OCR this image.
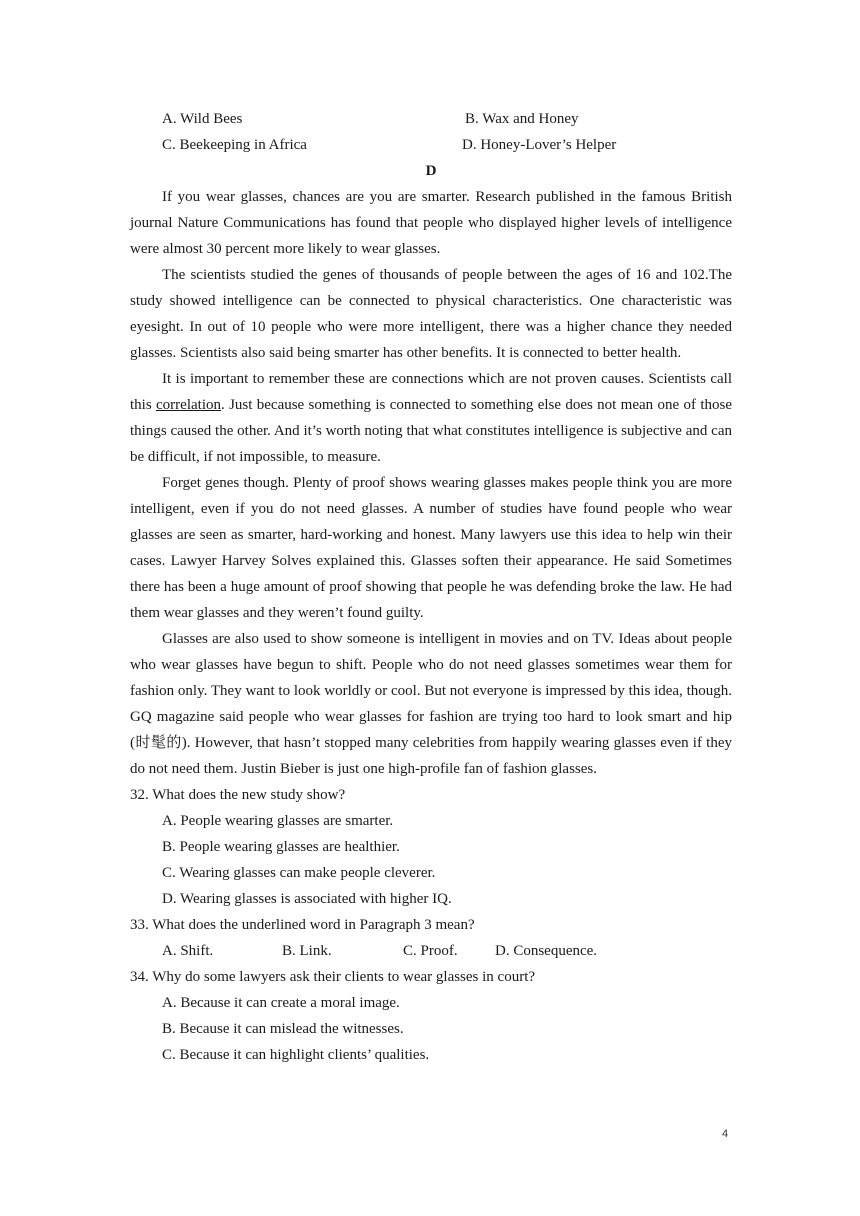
A. Wild Bees	B. Wax and Honey
C. Beekeeping in Africa	D. Honey-Lover’s Helper
D

If you wear glasses, chances are you are smarter. Research published in the famous British journal Nature Communications has found that people who displayed higher levels of intelligence were almost 30 percent more likely to wear glasses.

The scientists studied the genes of thousands of people between the ages of 16 and 102.The study showed intelligence can be connected to physical characteristics. One characteristic was eyesight. In out of 10 people who were more intelligent, there was a higher chance they needed glasses. Scientists also said being smarter has other benefits. It is connected to better health.

It is important to remember these are connections which are not proven causes. Scientists call this correlation. Just because something is connected to something else does not mean one of those things caused the other. And it’s worth noting that what constitutes intelligence is subjective and can be difficult, if not impossible, to measure.

Forget genes though. Plenty of proof shows wearing glasses makes people think you are more intelligent, even if you do not need glasses. A number of studies have found people who wear glasses are seen as smarter, hard-working and honest. Many lawyers use this idea to help win their cases. Lawyer Harvey Solves explained this. Glasses soften their appearance. He said Sometimes there has been a huge amount of proof showing that people he was defending broke the law. He had them wear glasses and they weren’t found guilty.

Glasses are also used to show someone is intelligent in movies and on TV. Ideas about people who wear glasses have begun to shift. People who do not need glasses sometimes wear them for fashion only. They want to look worldly or cool. But not everyone is impressed by this idea, though. GQ magazine said people who wear glasses for fashion are trying too hard to look smart and hip (时髦的). However, that hasn’t stopped many celebrities from happily wearing glasses even if they do not need them. Justin Bieber is just one high-profile fan of fashion glasses.

32. What does the new study show?
A. People wearing glasses are smarter.
B. People wearing glasses are healthier.
C. Wearing glasses can make people cleverer.
D. Wearing glasses is associated with higher IQ.
33. What does the underlined word in Paragraph 3 mean?
A. Shift.	B. Link.	C. Proof. D. Consequence.
34. Why do some lawyers ask their clients to wear glasses in court?
A. Because it can create a moral image.
B. Because it can mislead the witnesses.
C. Because it can highlight clients’ qualities.
4
